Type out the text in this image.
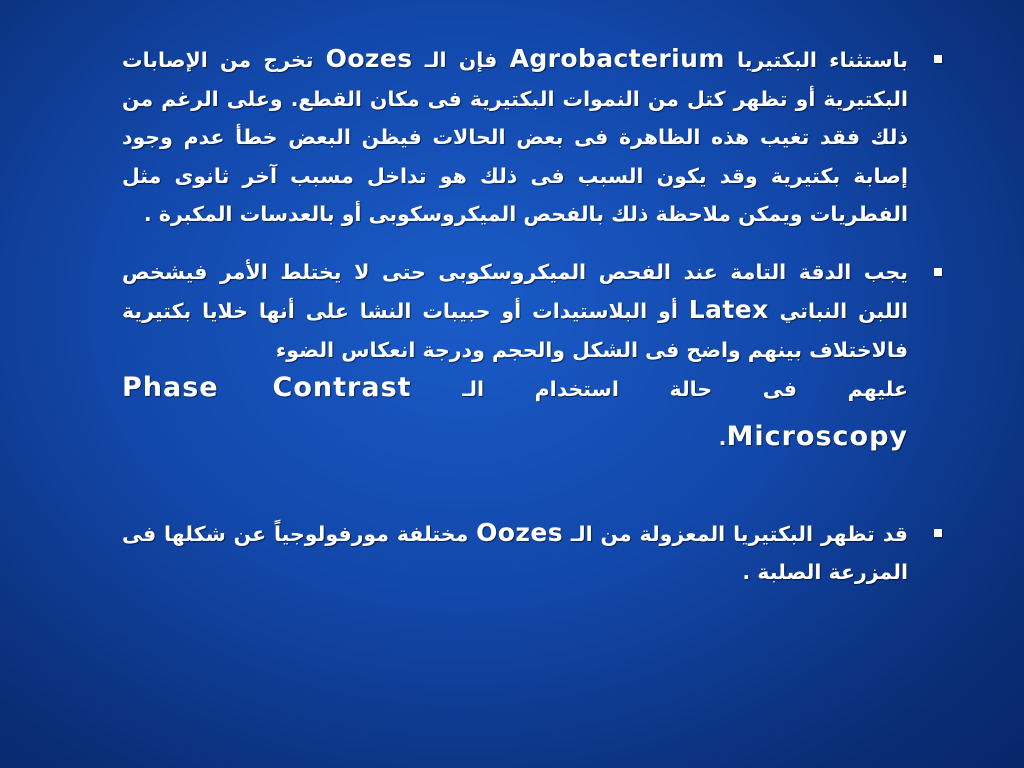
باستثناء البكتيريا Agrobacterium فإن الـ Oozes تخرج من الإصابات البكتيرية أو تظهر كتل من النموات البكتيرية فى مكان القطع. وعلى الرغم من ذلك فقد تغيب هذه الظاهرة فى بعض الحالات فيظن البعض خطأ عدم وجود إصابة بكتيرية وقد يكون السبب فى ذلك هو تداخل مسبب آخر ثانوى مثل الفطريات ويمكن ملاحظة ذلك بالفحص الميكروسكوبى أو بالعدسات المكبرة .
يجب الدقة التامة عند الفحص الميكروسكوبى حتى لا يختلط الأمر فيشخص اللبن النباتي Latex أو البلاستيدات أو حبيبات النشا على أنها خلايا بكتيرية فالاختلاف بينهم واضح فى الشكل والحجم ودرجة انعكاس الضوء
عليهم فى حالة استخدام الـ Phase Contrast
Microscopy.
قد تظهر البكتيريا المعزولة من الـ Oozes مختلفة مورفولوجياً عن شكلها فى المزرعة الصلبة .
